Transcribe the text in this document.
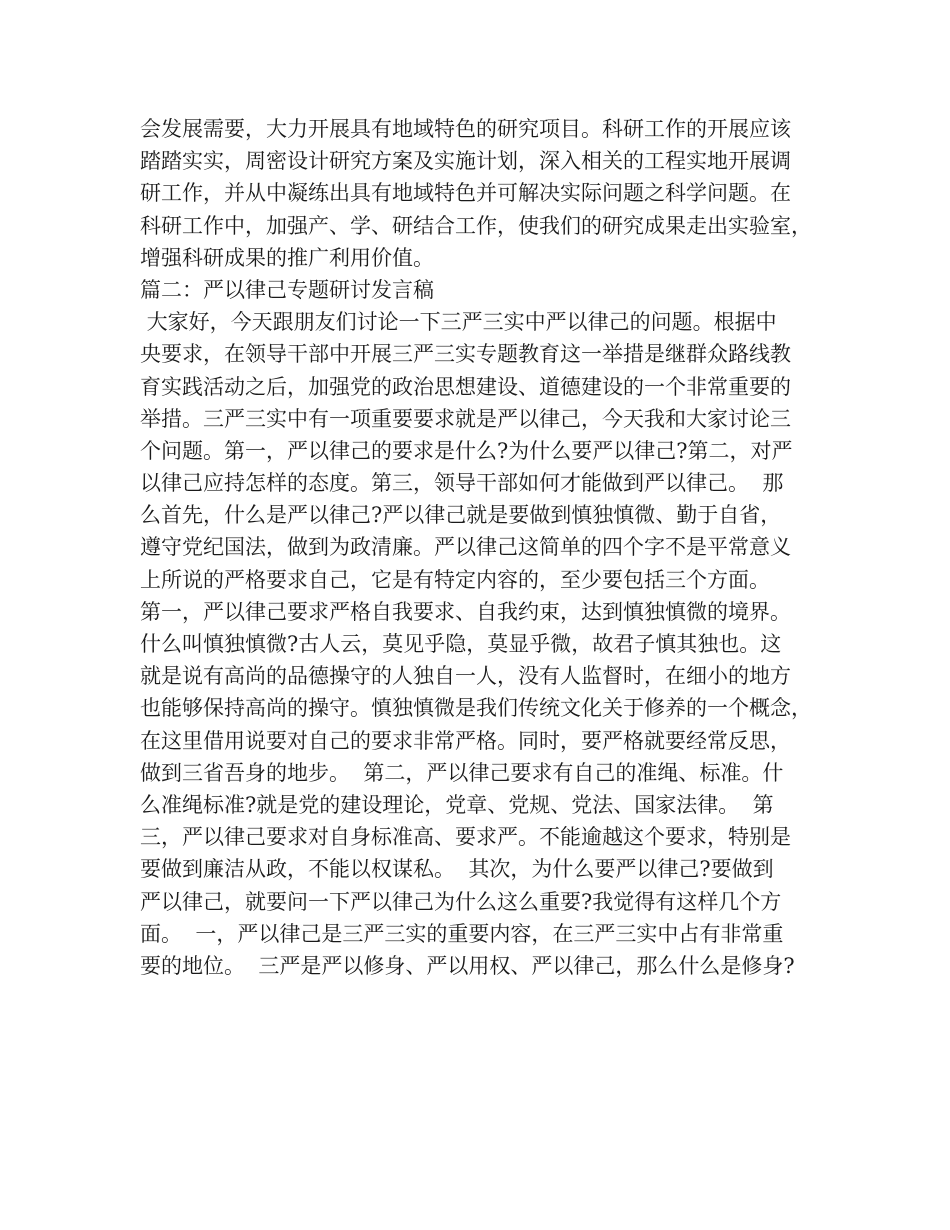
会发展需要，大力开展具有地域特色的研究项目。科研工作的开展应该
踏踏实实，周密设计研究方案及实施计划，深入相关的工程实地开展调
研工作，并从中凝练出具有地域特色并可解决实际问题之科学问题。在
科研工作中，加强产、学、研结合工作，使我们的研究成果走出实验室，
增强科研成果的推广利用价值。
篇二：严以律己专题研讨发言稿
大家好，今天跟朋友们讨论一下三严三实中严以律己的问题。根据中
央要求，在领导干部中开展三严三实专题教育这一举措是继群众路线教
育实践活动之后，加强党的政治思想建设、道德建设的一个非常重要的
举措。三严三实中有一项重要要求就是严以律己，今天我和大家讨论三
个问题。第一，严以律己的要求是什么?为什么要严以律己?第二，对严
以律己应持怎样的态度。第三，领导干部如何才能做到严以律己。  那
么首先，什么是严以律己?严以律己就是要做到慎独慎微、勤于自省，
遵守党纪国法，做到为政清廉。严以律己这简单的四个字不是平常意义
上所说的严格要求自己，它是有特定内容的，至少要包括三个方面。
第一，严以律己要求严格自我要求、自我约束，达到慎独慎微的境界。
什么叫慎独慎微?古人云，莫见乎隐，莫显乎微，故君子慎其独也。这
就是说有高尚的品德操守的人独自一人，没有人监督时，在细小的地方
也能够保持高尚的操守。慎独慎微是我们传统文化关于修养的一个概念，
在这里借用说要对自己的要求非常严格。同时，要严格就要经常反思，
做到三省吾身的地步。  第二，严以律己要求有自己的准绳、标准。什
么准绳标准?就是党的建设理论，党章、党规、党法、国家法律。  第
三，严以律己要求对自身标准高、要求严。不能逾越这个要求，特别是
要做到廉洁从政，不能以权谋私。  其次，为什么要严以律己?要做到
严以律己，就要问一下严以律己为什么这么重要?我觉得有这样几个方
面。  一，严以律己是三严三实的重要内容，在三严三实中占有非常重
要的地位。  三严是严以修身、严以用权、严以律己，那么什么是修身?
